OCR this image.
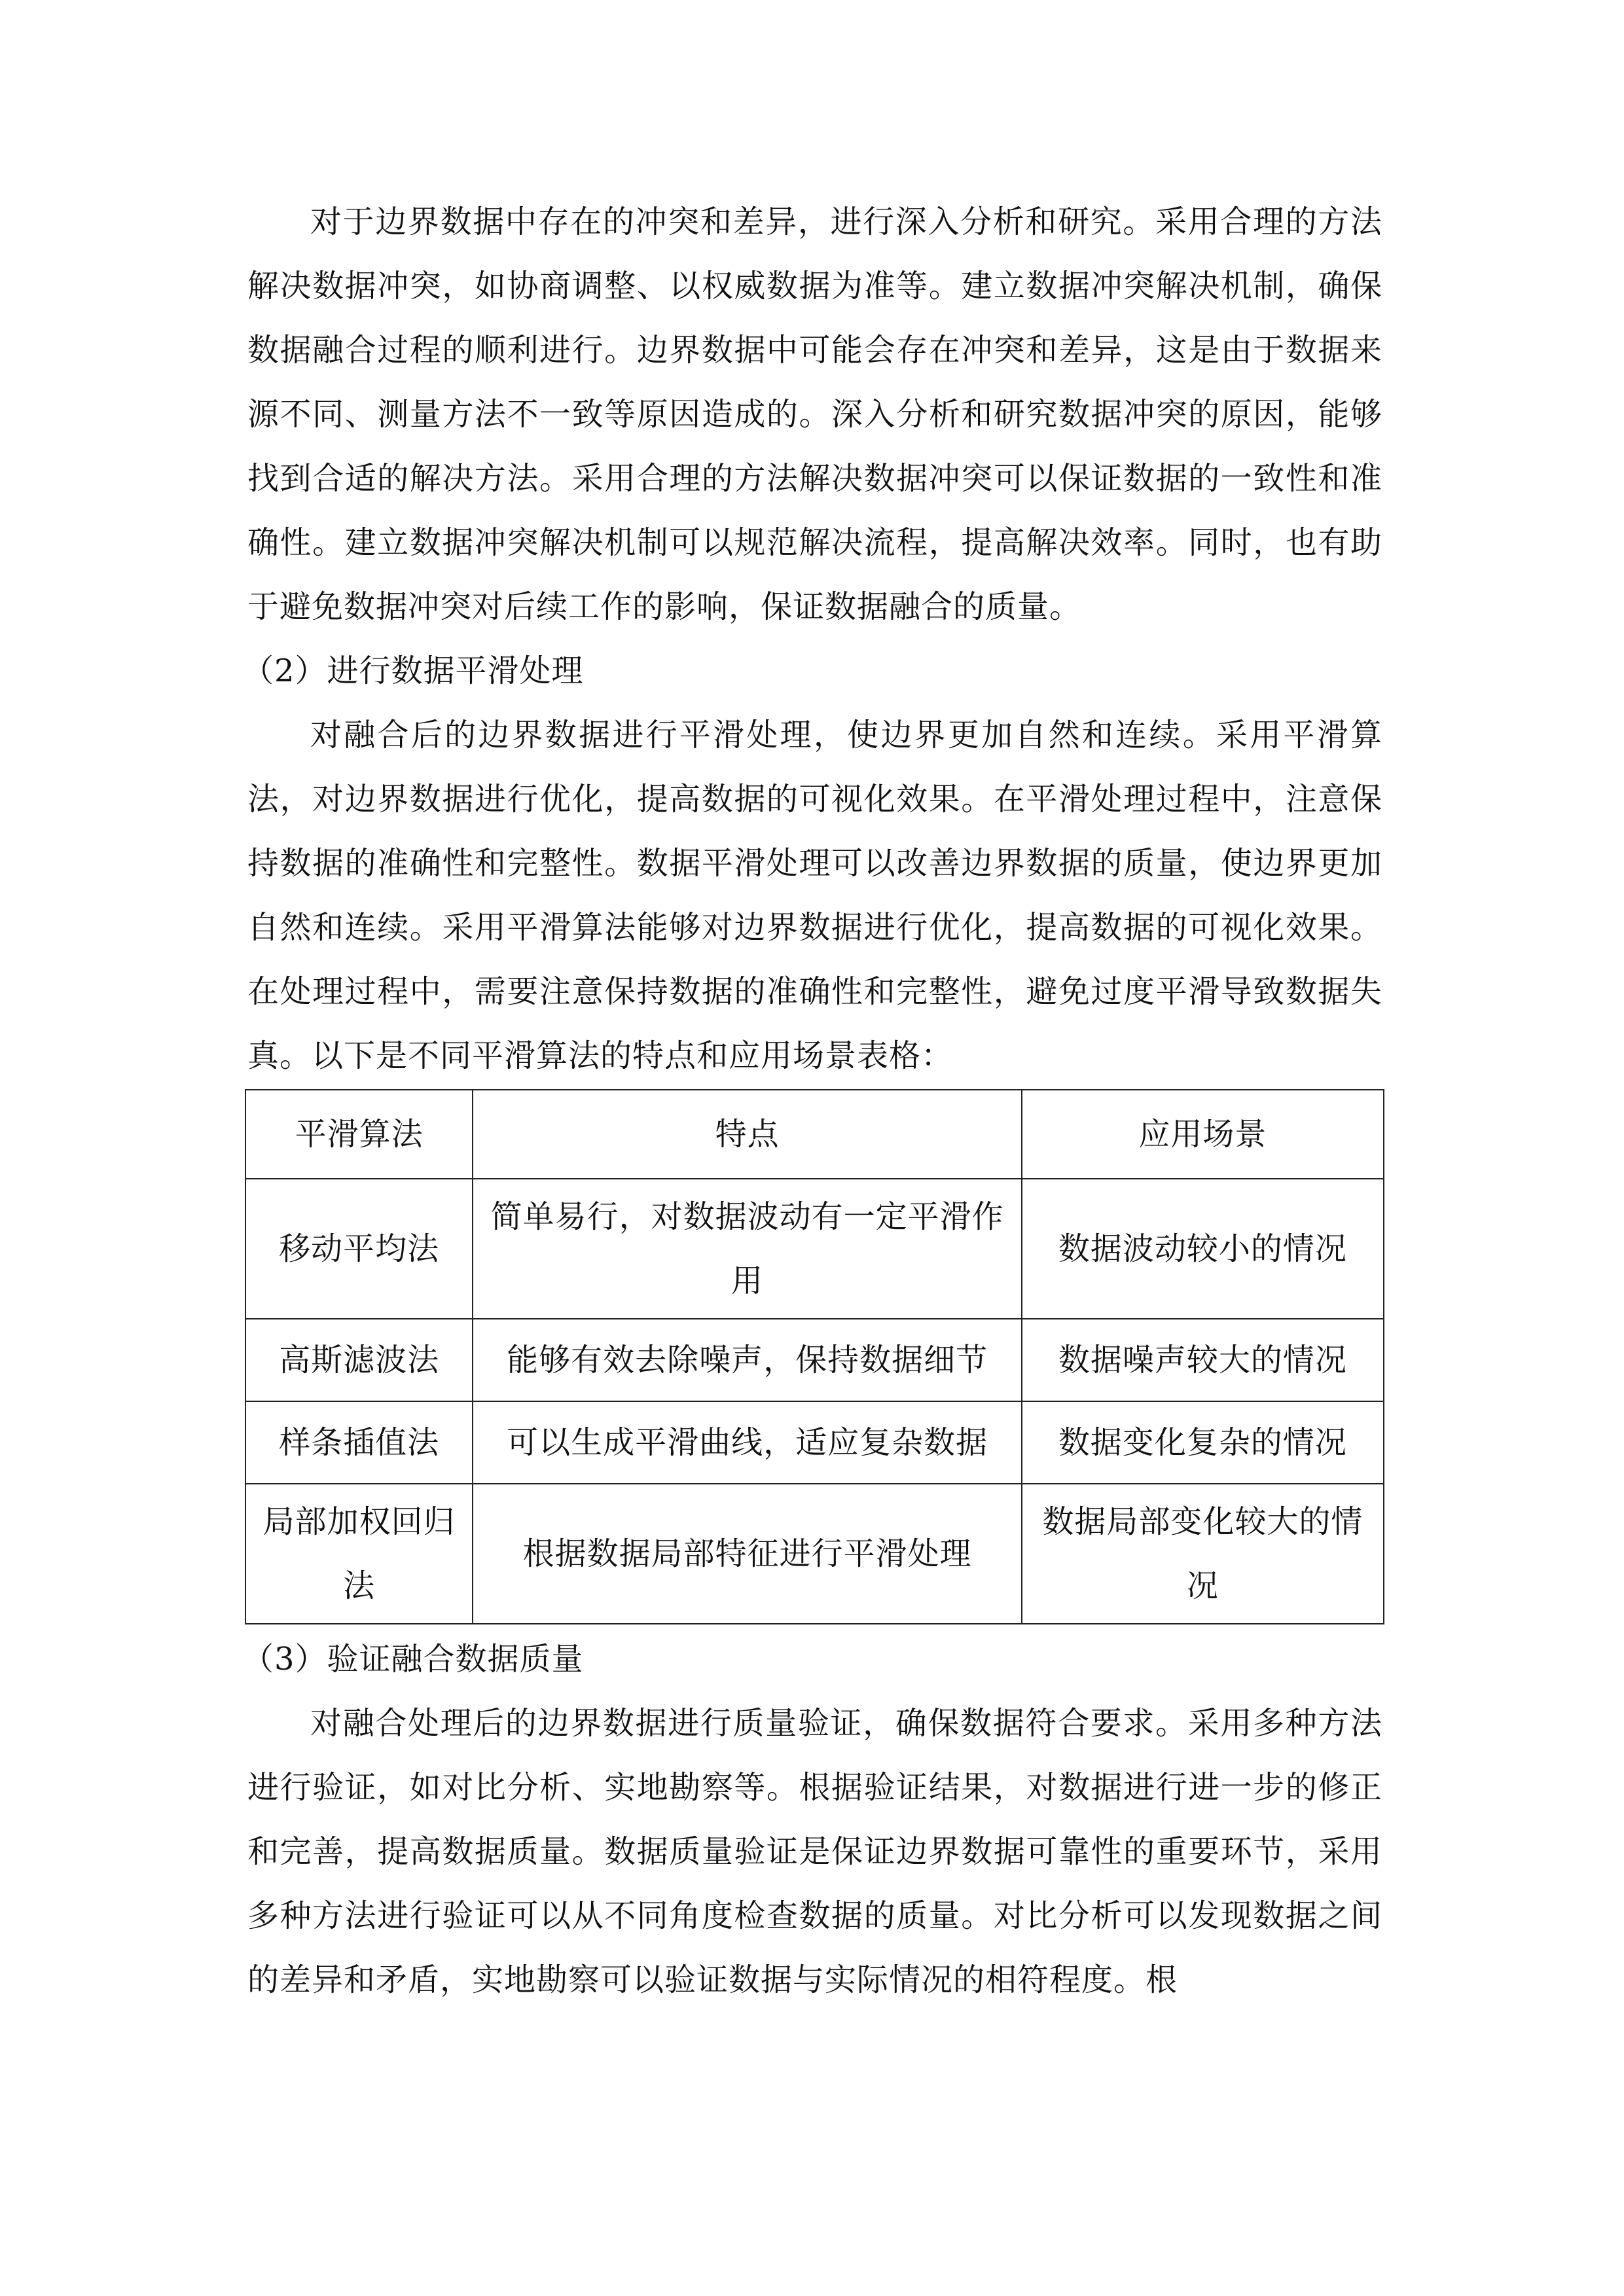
对于边界数据中存在的冲突和差异，进行深入分析和研究。采用合理的方法解决数据冲突，如协商调整、以权威数据为准等。建立数据冲突解决机制，确保数据融合过程的顺利进行。边界数据中可能会存在冲突和差异，这是由于数据来源不同、测量方法不一致等原因造成的。深入分析和研究数据冲突的原因，能够找到合适的解决方法。采用合理的方法解决数据冲突可以保证数据的一致性和准确性。建立数据冲突解决机制可以规范解决流程，提高解决效率。同时，也有助于避免数据冲突对后续工作的影响，保证数据融合的质量。

（2）进行数据平滑处理

对融合后的边界数据进行平滑处理，使边界更加自然和连续。采用平滑算法，对边界数据进行优化，提高数据的可视化效果。在平滑处理过程中，注意保持数据的准确性和完整性。数据平滑处理可以改善边界数据的质量，使边界更加自然和连续。采用平滑算法能够对边界数据进行优化，提高数据的可视化效果。在处理过程中，需要注意保持数据的准确性和完整性，避免过度平滑导致数据失真。以下是不同平滑算法的特点和应用场景表格：

平滑算法	特点	应用场景
移动平均法	简单易行，对数据波动有一定平滑作用	数据波动较小的情况
高斯滤波法	能够有效去除噪声，保持数据细节	数据噪声较大的情况
样条插值法	可以生成平滑曲线，适应复杂数据	数据变化复杂的情况
局部加权回归法	根据数据局部特征进行平滑处理	数据局部变化较大的情况

（3）验证融合数据质量

对融合处理后的边界数据进行质量验证，确保数据符合要求。采用多种方法进行验证，如对比分析、实地勘察等。根据验证结果，对数据进行进一步的修正和完善，提高数据质量。数据质量验证是保证边界数据可靠性的重要环节，采用多种方法进行验证可以从不同角度检查数据的质量。对比分析可以发现数据之间的差异和矛盾，实地勘察可以验证数据与实际情况的相符程度。根
